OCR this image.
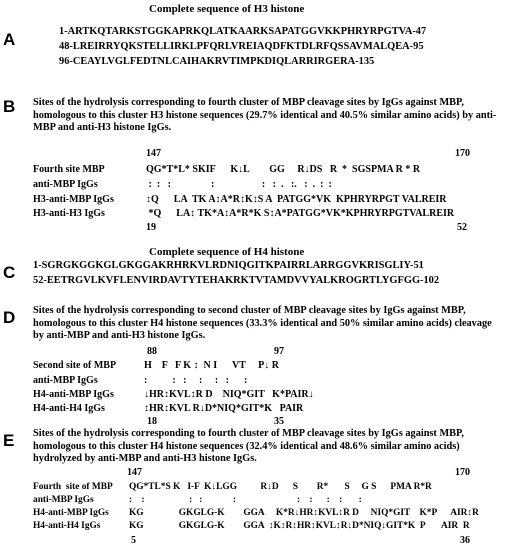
Complete sequence of H3 histone
A	1-ARTKQTARKSTGGKAPRKQLATKAARKSAPATGGVKKPHRYRPGTVA-47
48-LREIRRYQKSTELLIRKLPFQRLVREIAQDFKTDLRFQSSAVMALQEA-95
96-CEAYLVGLFEDTNLCAIHAKRVTIMPKDIQLARRIRGERA-135
B Sites of the hydrolysis corresponding to fourth cluster of MBP cleavage sites by IgGs against MBP, homologous to this cluster H3 histone sequences (29.7% identical and 40.5% similar amino acids) by anti-MBP and anti-H3 histone IgGs.
147	170
Fourth site MBP	QG*T*L* SKIF      K↓L        GG     R↓DS   R  *  SGSPMA R * R
anti-MBP IgGs	:  :   :                :                   :   :  .   :.   :  .  :  :
H3-anti-MBP IgGs	↕Q      LA  TK A↕A*R↕K↕S A  PATGG*VK  KPHRYRPGT VALREIR
H3-anti-H3 IgGs	*Q      LA↕ TK*A↕A*R*K S↕A*PATGG*VK*KPHRYRPGTVALREIR
19	52
Complete sequence of H4 histone
C 1-SGRGKGGKGLGKGGAKRHRKVLRDNIQGITKPAIRRLARRGGVKRISGLIY-51
52-EETRGVLKVFLENVIRDAVTYTEHAKRKTVTAMDVVYALKROGRTLYGFGG-102
D Sites of the hydrolysis corresponding to second cluster of MBP cleavage sites by IgGs against MBP, homologous to this cluster H4 histone sequences (33.3% identical and 50% similar amino acids) cleavage by anti-MBP and anti-H3 histone IgGs.
88	97
Second site of MBP	H    F   F K ↕  N I      VT     P↓ R
anti-MBP IgGs	:          :   :     :     :   :      :
H4-anti-MBP IgGs	↓HR↕KVL↕R D    NIQ*GIT   K*PAIR↓
H4-anti-H4 IgGs	↕HR↕KVL R↓D*NIQ*GIT*K   PAIR
18	35
E Sites of the hydrolysis corresponding to fourth cluster of MBP cleavage sites by IgGs against MBP, homologous to this cluster H4 histone sequences (32.4% identical and 48.6% similar amino acids) hydrolyzed by anti-MBP and anti-H3 histone IgGs.
147	170
Fourth  site of MBP QG*TL*S K   I-F  K↓LGG          R↓D      S        R*       S     G S      PMA R*R
anti-MBP IgGs	:    :                   :   :             :                          :    :      :    :       :
H4-anti-MBP IgGs KG               GKGLG-K        GGA     K*R↓HR↕KVL↕R D     NIQ*GIT    K*P      AIR↕R
H4-anti-H4 IgGs	KG               GKGLG-K        GGA  ↕K↕R↕HR↕KVL↕R↓D*NIQ↓GIT*K  P       AIR  R
5	36
